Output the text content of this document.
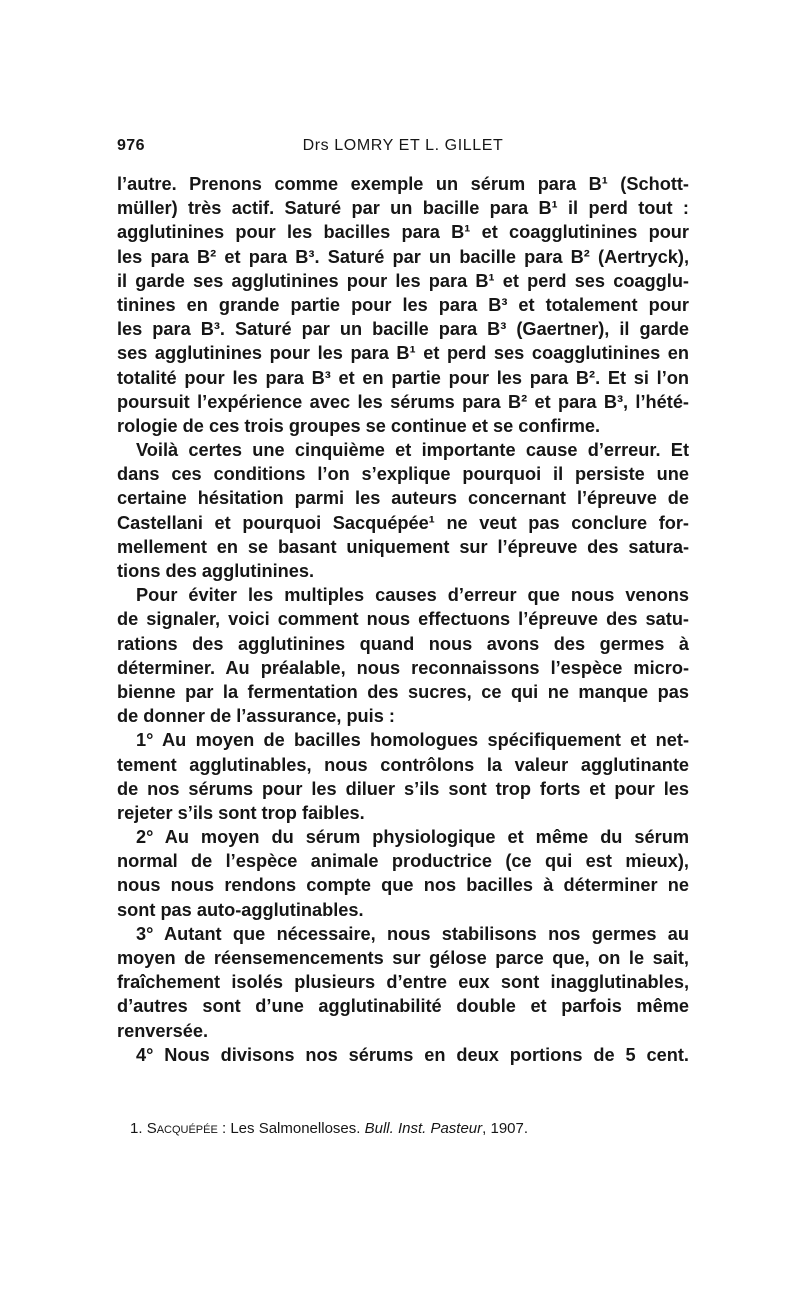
976	Drs LOMRY ET L. GILLET
l’autre. Prenons comme exemple un sérum para B¹ (Schott-
müller) très actif. Saturé par un bacille para B¹ il perd tout :
agglutinines pour les bacilles para B¹ et coagglutinines pour
les para B² et para B³. Saturé par un bacille para B² (Aertryck),
il garde ses agglutinines pour les para B¹ et perd ses coagglu-
tinines en grande partie pour les para B³ et totalement pour
les para B³. Saturé par un bacille para B³ (Gaertner), il garde
ses agglutinines pour les para B¹ et perd ses coagglutinines en
totalité pour les para B³ et en partie pour les para B². Et si l’on
poursuit l’expérience avec les sérums para B² et para B³, l’hété-
rologie de ces trois groupes se continue et se confirme.
Voilà certes une cinquième et importante cause d’erreur. Et
dans ces conditions l’on s’explique pourquoi il persiste une
certaine hésitation parmi les auteurs concernant l’épreuve de
Castellani et pourquoi Sacquépée¹ ne veut pas conclure for-
mellement en se basant uniquement sur l’épreuve des satura-
tions des agglutinines.
Pour éviter les multiples causes d’erreur que nous venons
de signaler, voici comment nous effectuons l’épreuve des satu-
rations des agglutinines quand nous avons des germes à
déterminer. Au préalable, nous reconnaissons l’espèce micro-
bienne par la fermentation des sucres, ce qui ne manque pas
de donner de l’assurance, puis :
1° Au moyen de bacilles homologues spécifiquement et net-
tement agglutinables, nous contrôlons la valeur agglutinante
de nos sérums pour les diluer s’ils sont trop forts et pour les
rejeter s’ils sont trop faibles.
2° Au moyen du sérum physiologique et même du sérum
normal de l’espèce animale productrice (ce qui est mieux),
nous nous rendons compte que nos bacilles à déterminer ne
sont pas auto-agglutinables.
3° Autant que nécessaire, nous stabilisons nos germes au
moyen de réensemencements sur gélose parce que, on le sait,
fraîchement isolés plusieurs d’entre eux sont inagglutinables,
d’autres sont d’une agglutinabilité double et parfois même
renversée.
4° Nous divisons nos sérums en deux portions de 5 cent.
1. Sacquépée : Les Salmonelloses. Bull. Inst. Pasteur, 1907.
